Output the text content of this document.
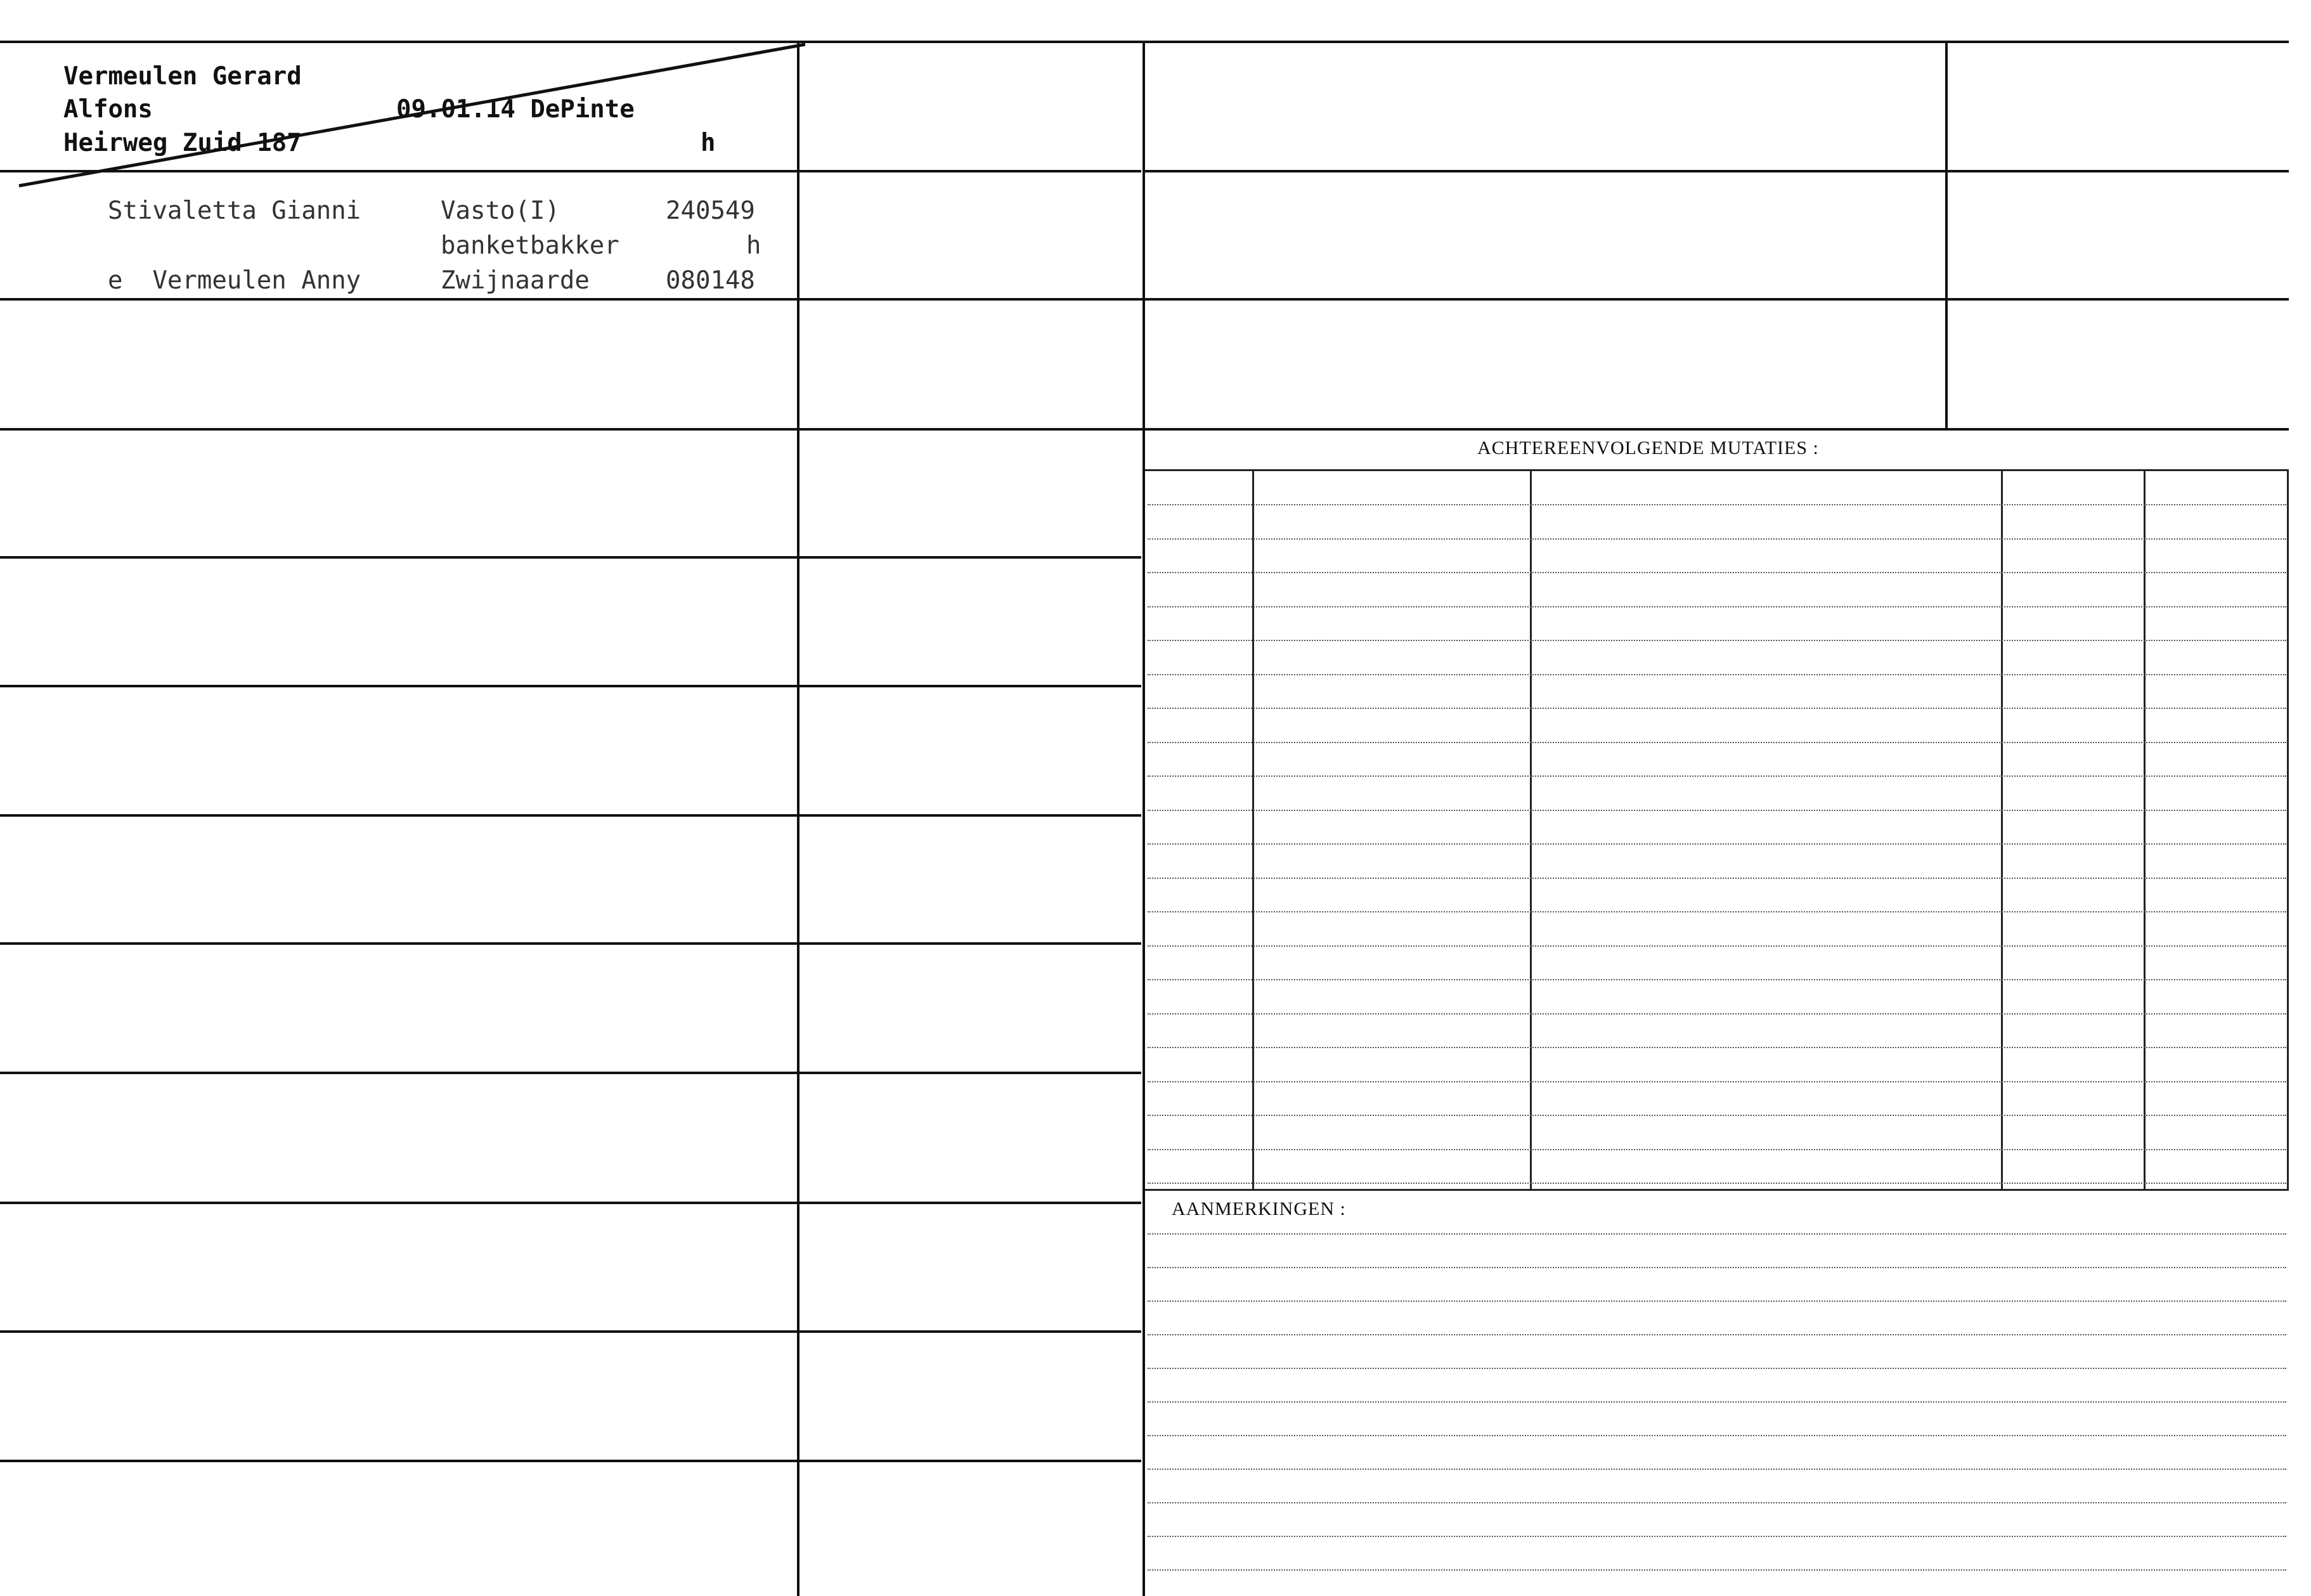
ACHTEREENVOLGENDE MUTATIES :
AANMERKINGEN :
Vermeulen Gerard
Alfons
Heirweg Zuid 187
09.01.14 DePinte
h
Stivaletta Gianni
e  Vermeulen Anny
Vasto(I)
banketbakker
Zwijnaarde
240549
h
080148
